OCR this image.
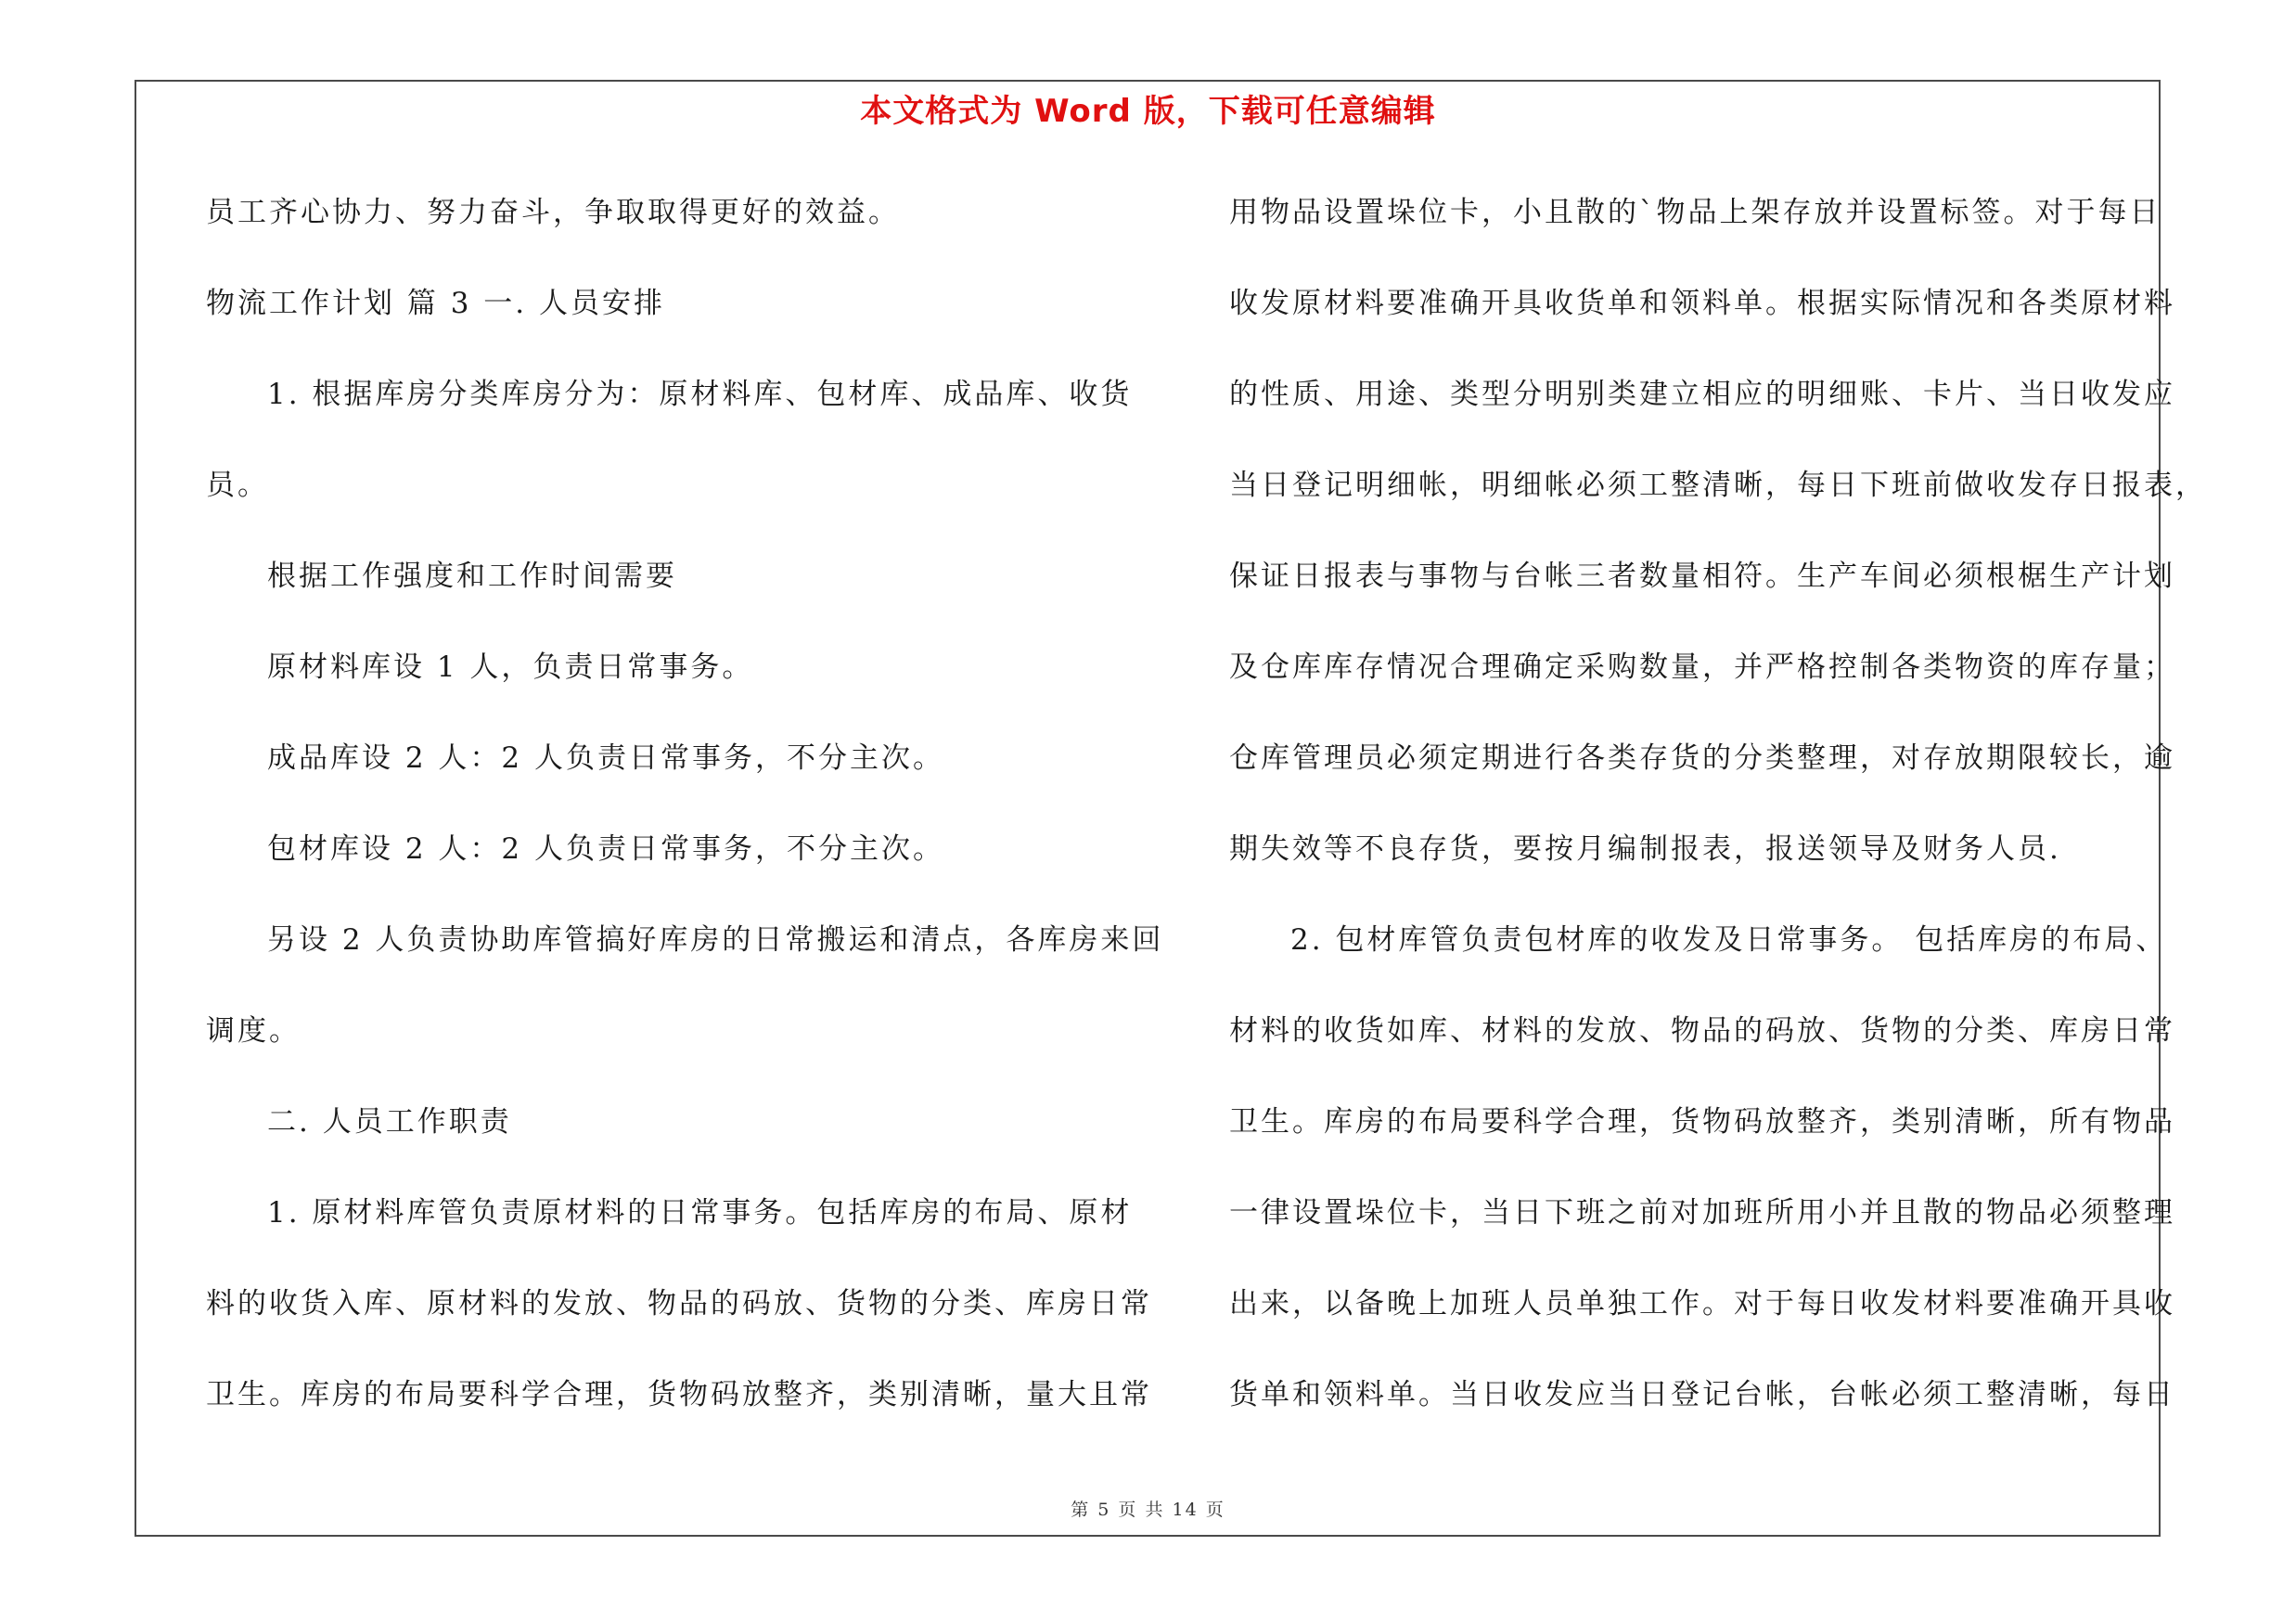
本文格式为 Word 版，下载可任意编辑
员工齐心协力、努力奋斗，争取取得更好的效益。
物流工作计划 篇 3 一. 人员安排
1. 根据库房分类库房分为：原材料库、包材库、成品库、收货
员。
根据工作强度和工作时间需要
原材料库设 1 人，负责日常事务。
成品库设 2 人：2 人负责日常事务，不分主次。
包材库设 2 人：2 人负责日常事务，不分主次。
另设 2 人负责协助库管搞好库房的日常搬运和清点，各库房来回
调度。
二. 人员工作职责
1. 原材料库管负责原材料的日常事务。包括库房的布局、原材
料的收货入库、原材料的发放、物品的码放、货物的分类、库房日常
卫生。库房的布局要科学合理，货物码放整齐，类别清晰，量大且常
用物品设置垛位卡，小且散的`物品上架存放并设置标签。对于每日
收发原材料要准确开具收货单和领料单。根据实际情况和各类原材料
的性质、用途、类型分明别类建立相应的明细账、卡片、当日收发应
当日登记明细帐，明细帐必须工整清晰，每日下班前做收发存日报表，
保证日报表与事物与台帐三者数量相符。生产车间必须根椐生产计划
及仓库库存情况合理确定采购数量，并严格控制各类物资的库存量；
仓库管理员必须定期进行各类存货的分类整理，对存放期限较长，逾
期失效等不良存货，要按月编制报表，报送领导及财务人员.
2. 包材库管负责包材库的收发及日常事务。 包括库房的布局、
材料的收货如库、材料的发放、物品的码放、货物的分类、库房日常
卫生。库房的布局要科学合理，货物码放整齐，类别清晰，所有物品
一律设置垛位卡，当日下班之前对加班所用小并且散的物品必须整理
出来，以备晚上加班人员单独工作。对于每日收发材料要准确开具收
货单和领料单。当日收发应当日登记台帐，台帐必须工整清晰，每日
第 5 页 共 14 页
